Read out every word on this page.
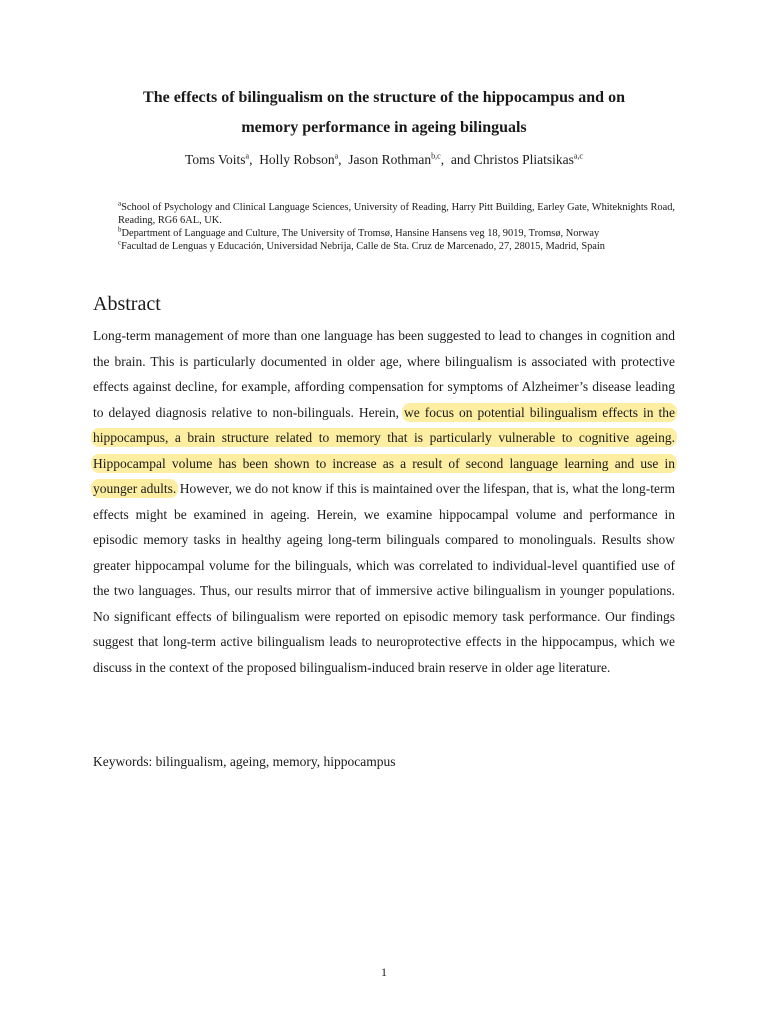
The effects of bilingualism on the structure of the hippocampus and on
memory performance in ageing bilinguals
Toms Voits$^a$,  Holly Robson$^a$,  Jason Rothman$^{b,c}$,  and Christos Pliatsikas$^{a,c}$

$^a$School of Psychology and Clinical Language Sciences, University of Reading, Harry Pitt Building, Earley Gate, Whiteknights Road, Reading, RG6 6AL, UK.

$^b$Department of Language and Culture, The University of Tromsø, Hansine Hansens veg 18, 9019, Tromsø, Norway

$^c$Facultad de Lenguas y Educación, Universidad Nebrija, Calle de Sta. Cruz de Marcenado, 27, 28015, Madrid, Spain

Abstract

Long-term management of more than one language has been suggested to lead to changes in cognition and the brain. This is particularly documented in older age, where bilingualism is associated with protective effects against decline, for example, affording compensation for symptoms of Alzheimer’s disease leading to delayed diagnosis relative to non-bilinguals. Herein, we focus on potential bilingualism effects in the hippocampus, a brain structure related to memory that is particularly vulnerable to cognitive ageing. Hippocampal volume has been shown to increase as a result of second language learning and use in younger adults. However, we do not know if this is maintained over the lifespan, that is, what the long-term effects might be examined in ageing. Herein, we examine hippocampal volume and performance in episodic memory tasks in healthy ageing long-term bilinguals compared to monolinguals. Results show greater hippocampal volume for the bilinguals, which was correlated to individual-level quantified use of the two languages. Thus, our results mirror that of immersive active bilingualism in younger populations. No significant effects of bilingualism were reported on episodic memory task performance. Our findings suggest that long-term active bilingualism leads to neuroprotective effects in the hippocampus, which we discuss in the context of the proposed bilingualism-induced brain reserve in older age literature.

Keywords: bilingualism, ageing, memory, hippocampus
1
